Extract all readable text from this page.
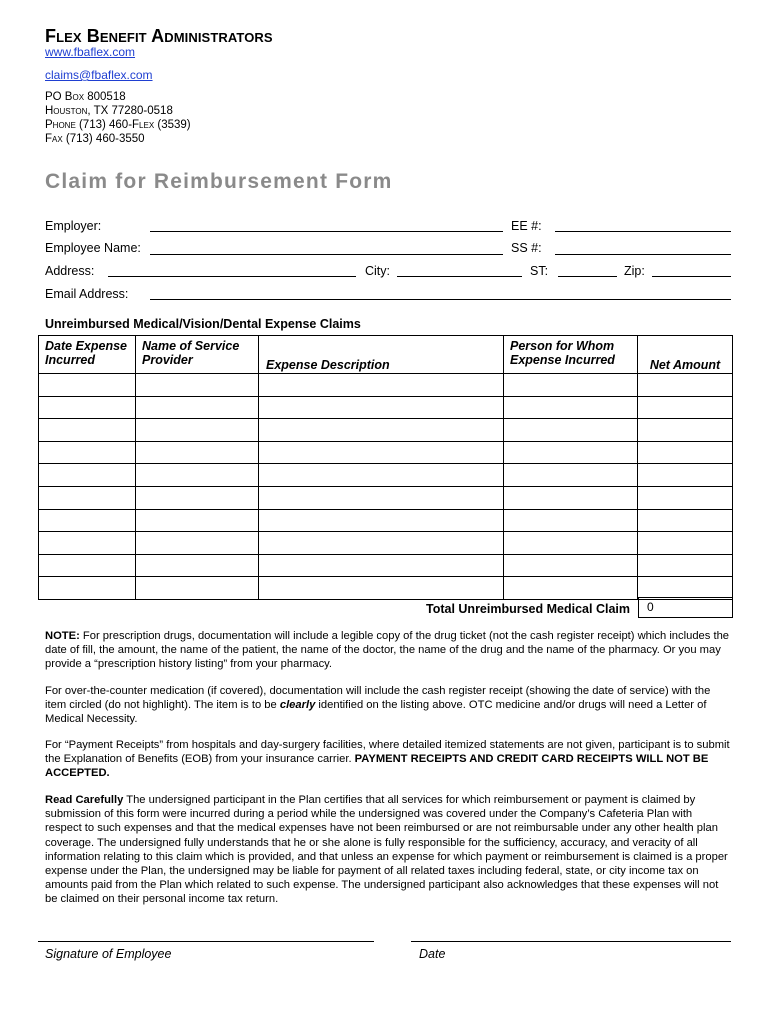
Flex Benefit Administrators
www.fbaflex.com
claims@fbaflex.com
PO Box 800518
Houston, TX 77280-0518
Phone (713) 460-Flex (3539)
Fax (713) 460-3550
Claim for Reimbursement Form
Employer:	EE #:
Employee Name:	SS #:
Address:	City:	ST:	Zip:
Email Address:
Unreimbursed Medical/Vision/Dental Expense Claims
Date Expense Incurred	Name of Service Provider	Expense Description	Person for Whom Expense Incurred	Net Amount

Total Unreimbursed Medical Claim 0
NOTE: For prescription drugs, documentation will include a legible copy of the drug ticket (not the cash register receipt) which includes the date of fill, the amount, the name of the patient, the name of the doctor, the name of the drug and the name of the pharmacy. Or you may provide a “prescription history listing” from your pharmacy.
For over-the-counter medication (if covered), documentation will include the cash register receipt (showing the date of service) with the item circled (do not highlight). The item is to be clearly identified on the listing above. OTC medicine and/or drugs will need a Letter of Medical Necessity.
For “Payment Receipts” from hospitals and day-surgery facilities, where detailed itemized statements are not given, participant is to submit the Explanation of Benefits (EOB) from your insurance carrier. PAYMENT RECEIPTS AND CREDIT CARD RECEIPTS WILL NOT BE ACCEPTED.
Read Carefully The undersigned participant in the Plan certifies that all services for which reimbursement or payment is claimed by submission of this form were incurred during a period while the undersigned was covered under the Company’s Cafeteria Plan with respect to such expenses and that the medical expenses have not been reimbursed or are not reimbursable under any other health plan coverage. The undersigned fully understands that he or she alone is fully responsible for the sufficiency, accuracy, and veracity of all information relating to this claim which is provided, and that unless an expense for which payment or reimbursement is claimed is a proper expense under the Plan, the undersigned may be liable for payment of all related taxes including federal, state, or city income tax on amounts paid from the Plan which related to such expense. The undersigned participant also acknowledges that these expenses will not be claimed on their personal income tax return.
Signature of Employee	Date
